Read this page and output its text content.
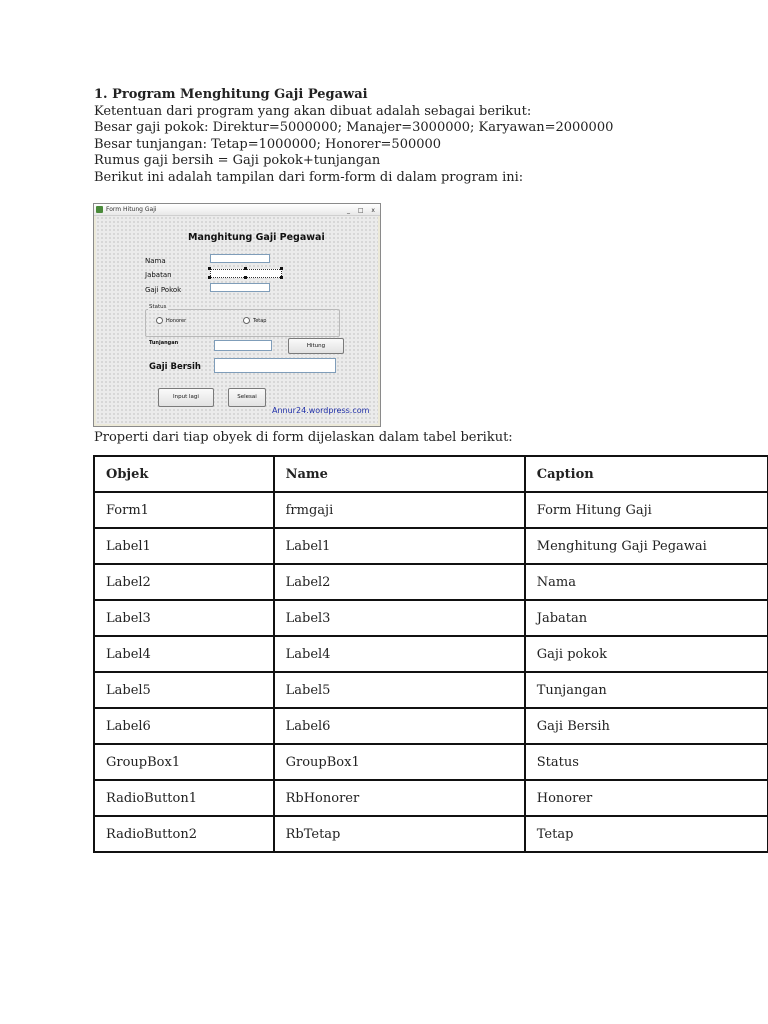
1. Program Menghitung Gaji Pegawai

Ketentuan dari program yang akan dibuat adalah sebagai berikut:

Besar gaji pokok: Direktur=5000000; Manajer=3000000; Karyawan=2000000

Besar tunjangan: Tetap=1000000; Honorer=500000

Rumus gaji bersih = Gaji pokok+tunjangan

Berikut ini adalah tampilan dari form-form di dalam program ini:

Form Hitung Gaji	_ □ x
Manghitung Gaji Pegawai
Nama
Jabatan
Gaji Pokok
Status
Honorer	Tetap
Tunjangan	Hitung
Gaji Bersih
Input lagi	Selesai
Annur24.wordpress.com

Properti dari tiap obyek di form dijelaskan dalam tabel berikut:

Objek	Name	Caption
Form1	frmgaji	Form Hitung Gaji
Label1	Label1	Menghitung Gaji Pegawai
Label2	Label2	Nama
Label3	Label3	Jabatan
Label4	Label4	Gaji pokok
Label5	Label5	Tunjangan
Label6	Label6	Gaji Bersih
GroupBox1	GroupBox1	Status
RadioButton1	RbHonorer	Honorer
RadioButton2	RbTetap	Tetap
